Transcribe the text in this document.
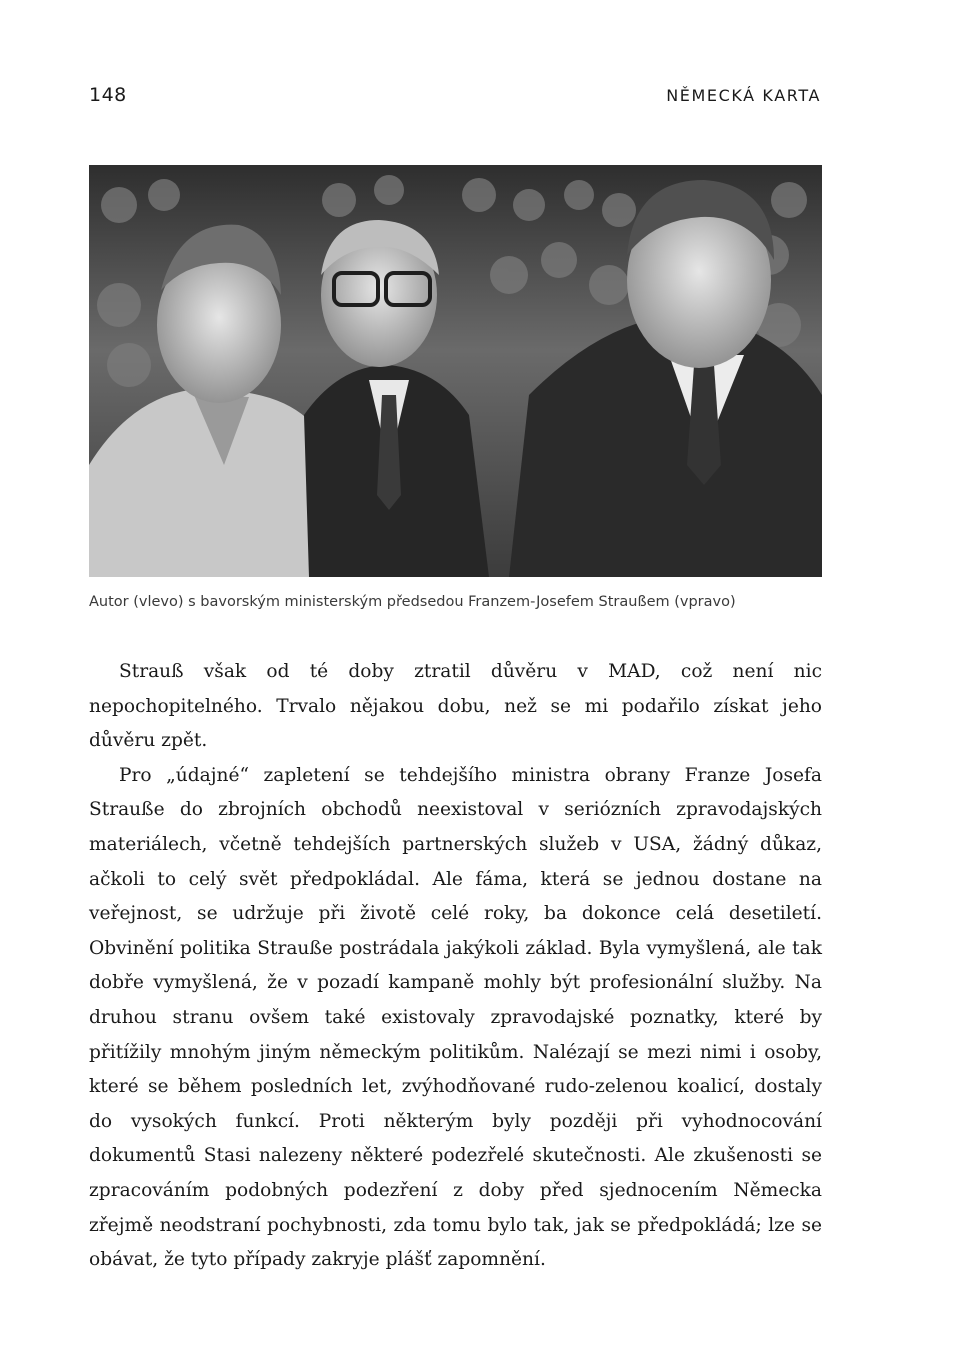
148	NĚMECKÁ KARTA
Autor (vlevo) s bavorským ministerským předsedou Franzem-Josefem Straußem (vpravo)

Strauß však od té doby ztratil důvěru v MAD, což není nic nepochopitelného. Trvalo nějakou dobu, než se mi podařilo získat jeho důvěru zpět.

Pro „údajné“ zapletení se tehdejšího ministra obrany Franze Josefa Strauße do zbrojních obchodů neexistoval v seriózních zpravodajských materiálech, včetně tehdejších partnerských služeb v USA, žádný důkaz, ačkoli to celý svět předpokládal. Ale fáma, která se jednou dostane na veřejnost, se udržuje při životě celé roky, ba dokonce celá desetiletí. Obvinění politika Strauße postrádala jakýkoli základ. Byla vymyšlená, ale tak dobře vymyšlená, že v pozadí kampaně mohly být profesionální služby. Na druhou stranu ovšem také existovaly zpravodajské poznatky, které by přitížily mnohým jiným německým politikům. Nalézají se mezi nimi i osoby, které se během posledních let, zvýhodňované rudo-zelenou koalicí, dostaly do vysokých funkcí. Proti některým byly později při vyhodnocování dokumentů Stasi nalezeny některé podezřelé skutečnosti. Ale zkušenosti se zpracováním podobných podezření z doby před sjednocením Německa zřejmě neodstraní pochybnosti, zda tomu bylo tak, jak se předpokládá; lze se obávat, že tyto případy zakryje plášť zapomnění.
